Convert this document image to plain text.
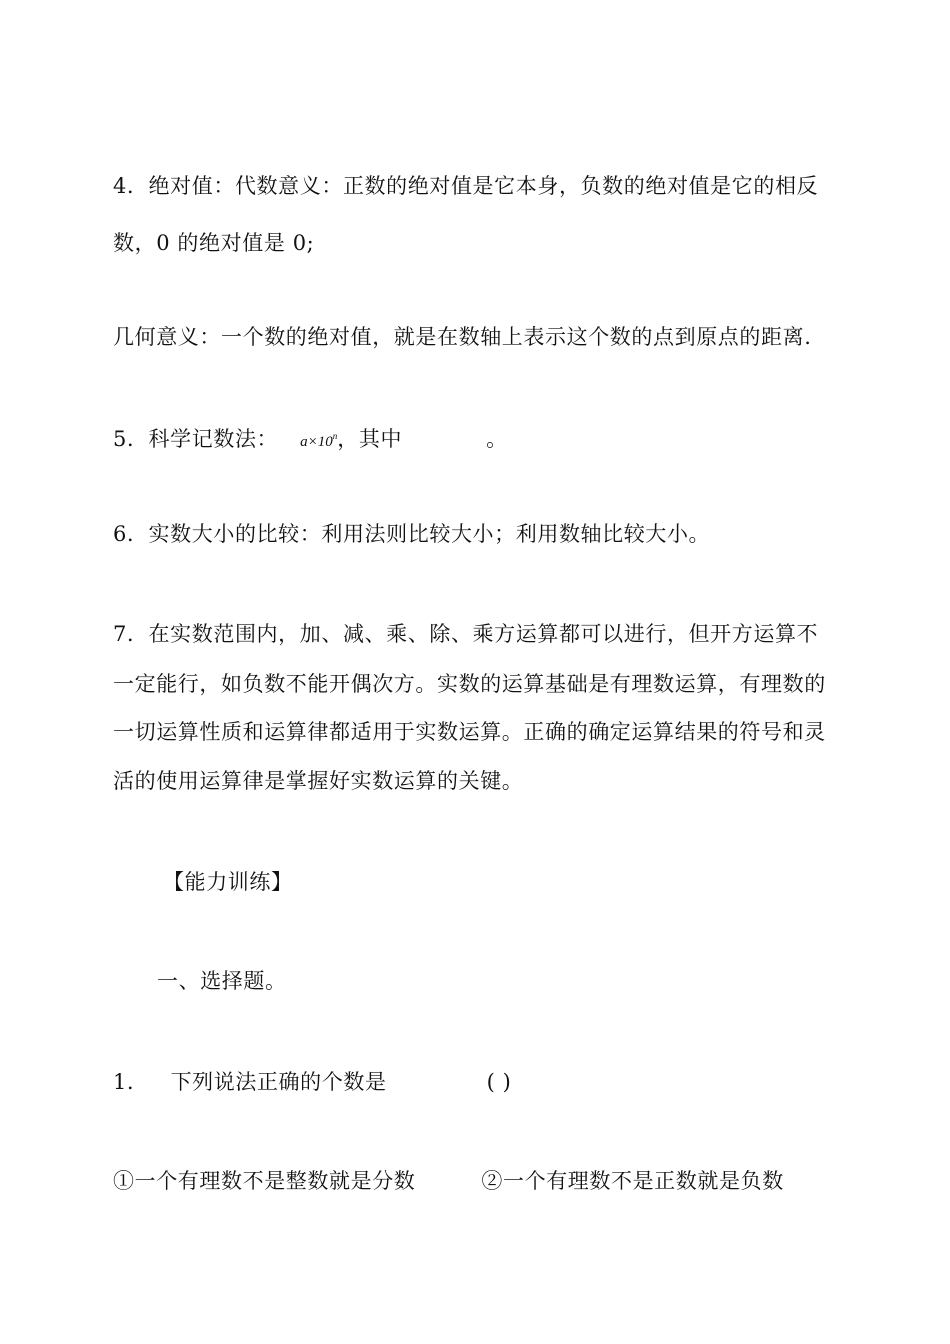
4．绝对值：代数意义：正数的绝对值是它本身，负数的绝对值是它的相反
数，0 的绝对值是 0;
几何意义：一个数的绝对值，就是在数轴上表示这个数的点到原点的距离.
5．科学记数法： $a\times 10^n$，其中	。
6．实数大小的比较：利用法则比较大小；利用数轴比较大小。
7．在实数范围内，加、减、乘、除、乘方运算都可以进行，但开方运算不
一定能行，如负数不能开偶次方。实数的运算基础是有理数运算，有理数的
一切运算性质和运算律都适用于实数运算。正确的确定运算结果的符号和灵
活的使用运算律是掌握好实数运算的关键。
【能力训练】
一、选择题。
1． 下列说法正确的个数是	( )
①一个有理数不是整数就是分数	②一个有理数不是正数就是负数
